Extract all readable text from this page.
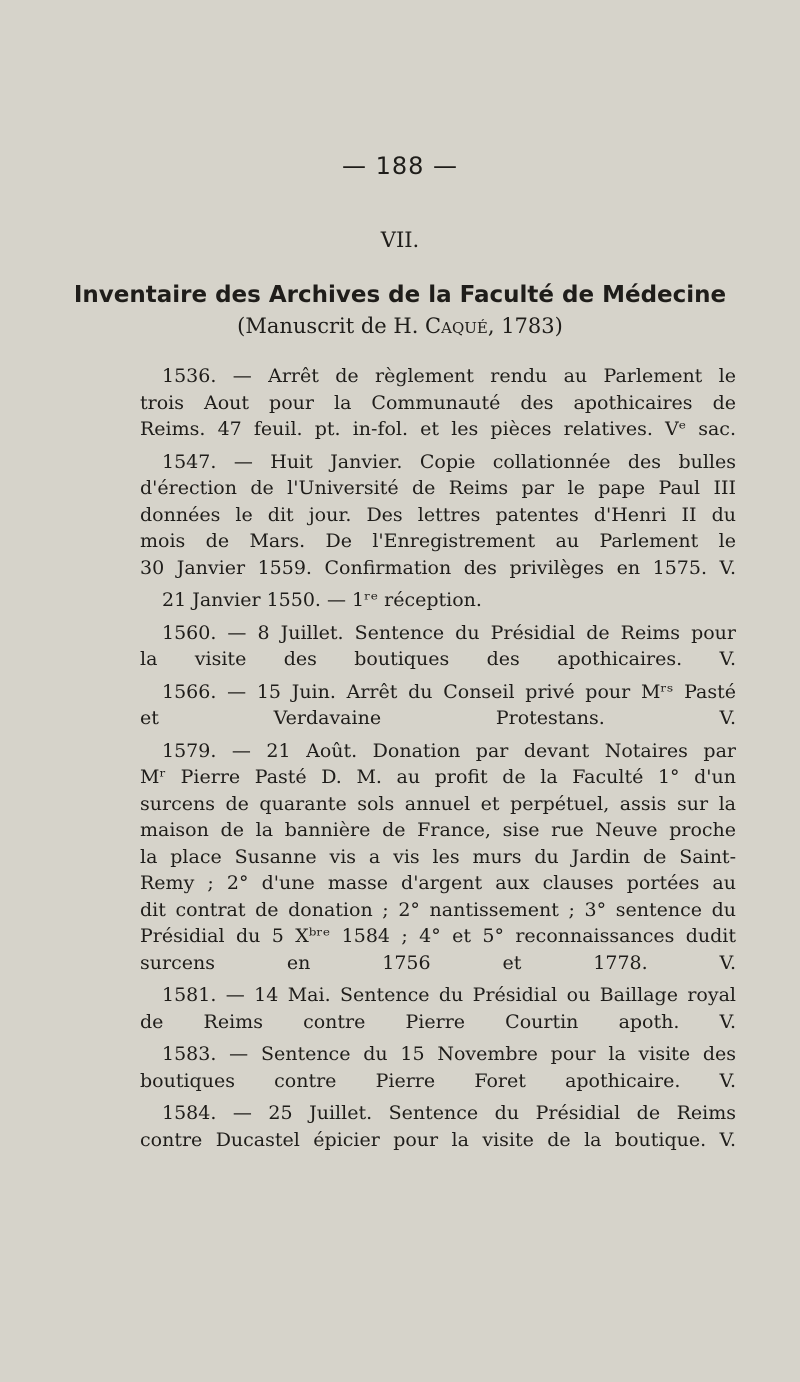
— 188 —
VII.
Inventaire des Archives de la Faculté de Médecine
(Manuscrit de H. Caqué, 1783)
1536. — Arrêt de règlement rendu au Parlement le
trois Aout pour la Communauté des apothicaires de
Reims. 47 feuil. pt. in-fol. et les pièces relatives. Vᵉ sac.
1547. — Huit Janvier. Copie collationnée des bulles
d'érection de l'Université de Reims par le pape Paul III
données le dit jour. Des lettres patentes d'Henri II du
mois de Mars. De l'Enregistrement au Parlement le
30 Janvier 1559. Confirmation des privilèges en 1575. V.
21 Janvier 1550. — 1ʳᵉ réception.
1560. — 8 Juillet. Sentence du Présidial de Reims pour
la visite des boutiques des apothicaires. V.
1566. — 15 Juin. Arrêt du Conseil privé pour Mʳˢ Pasté
et Verdavaine Protestans. V.
1579. — 21 Août. Donation par devant Notaires par
Mʳ Pierre Pasté D. M. au profit de la Faculté 1° d'un
surcens de quarante sols annuel et perpétuel, assis sur la
maison de la bannière de France, sise rue Neuve proche
la place Susanne vis a vis les murs du Jardin de Saint-
Remy ; 2° d'une masse d'argent aux clauses portées au
dit contrat de donation ; 2° nantissement ; 3° sentence du
Présidial du 5 Xᵇʳᵉ 1584 ; 4° et 5° reconnaissances dudit
surcens en 1756 et 1778. V.
1581. — 14 Mai. Sentence du Présidial ou Baillage royal
de Reims contre Pierre Courtin apoth. V.
1583. — Sentence du 15 Novembre pour la visite des
boutiques contre Pierre Foret apothicaire. V.
1584. — 25 Juillet. Sentence du Présidial de Reims
contre Ducastel épicier pour la visite de la boutique. V.
